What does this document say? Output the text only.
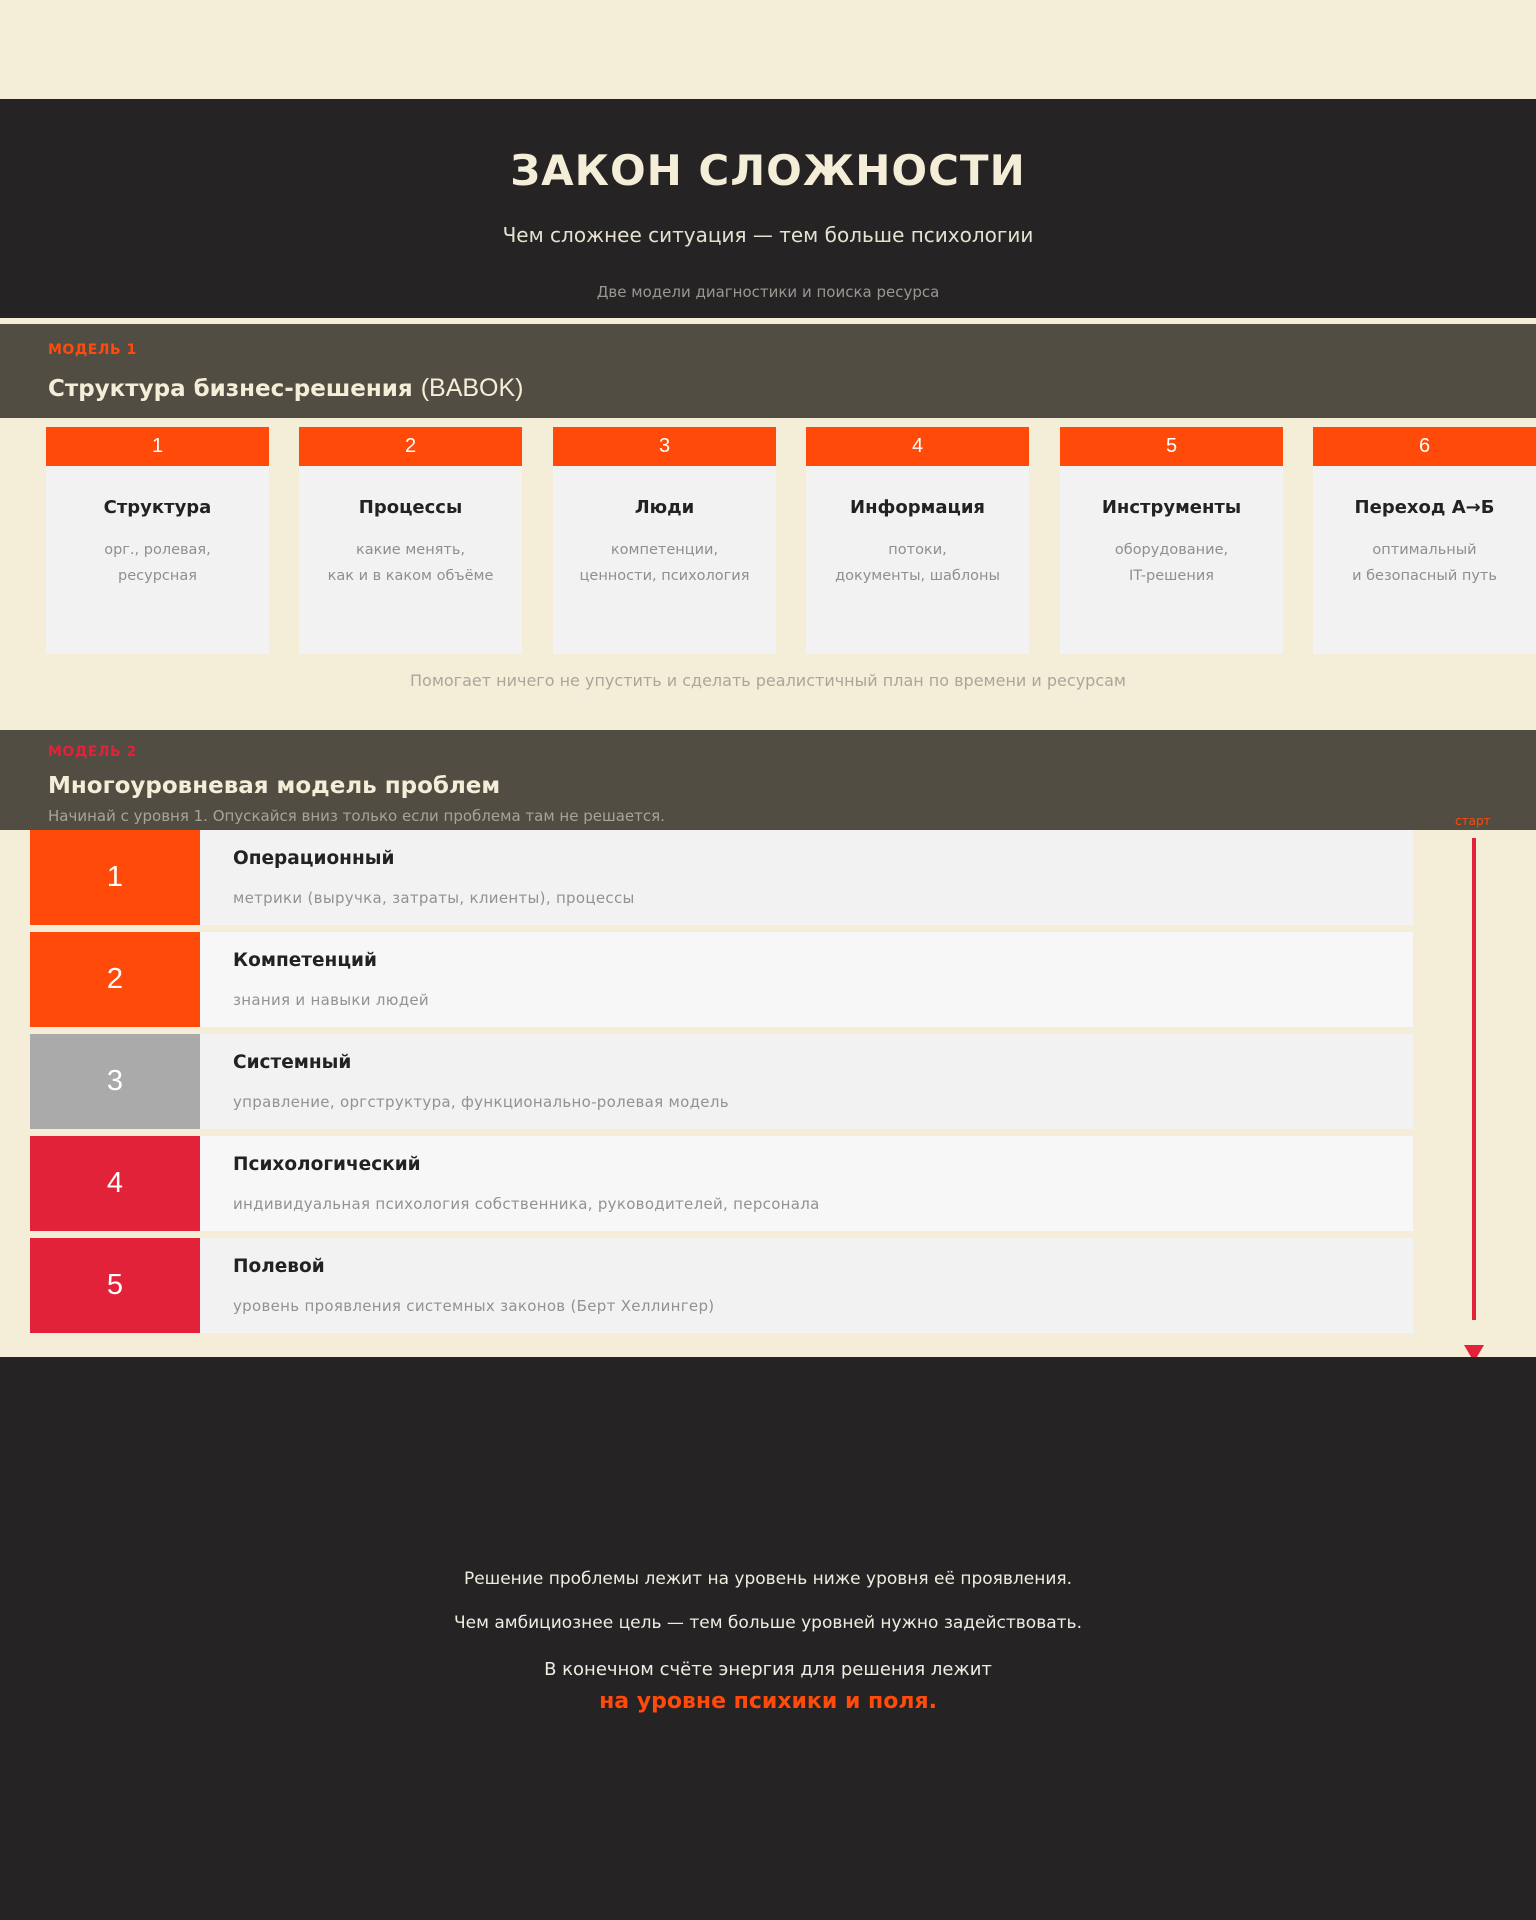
ЗАКОН СЛОЖНОСТИ
Чем сложнее ситуация — тем больше психологии
Две модели диагностики и поиска ресурса
МОДЕЛЬ 1
Структура бизнес-решения (BABOK)
1
Структура
орг., ролевая,
ресурсная
2
Процессы
какие менять,
как и в каком объёме
3
Люди
компетенции,
ценности, психология
4
Информация
потоки,
документы, шаблоны
5
Инструменты
оборудование,
IT-решения
6
Переход А→Б
оптимальный
и безопасный путь
Помогает ничего не упустить и сделать реалистичный план по времени и ресурсам
МОДЕЛЬ 2
Многоуровневая модель проблем
Начинай с уровня 1. Опускайся вниз только если проблема там не решается.
1
Операционный
метрики (выручка, затраты, клиенты), процессы
2
Компетенций
знания и навыки людей
3
Системный
управление, оргструктура, функционально-ролевая модель
4
Психологический
индивидуальная психология собственника, руководителей, персонала
5
Полевой
уровень проявления системных законов (Берт Хеллингер)
старт
Решение проблемы лежит на уровень ниже уровня её проявления.
Чем амбициознее цель — тем больше уровней нужно задействовать.
В конечном счёте энергия для решения лежит
на уровне психики и поля.
